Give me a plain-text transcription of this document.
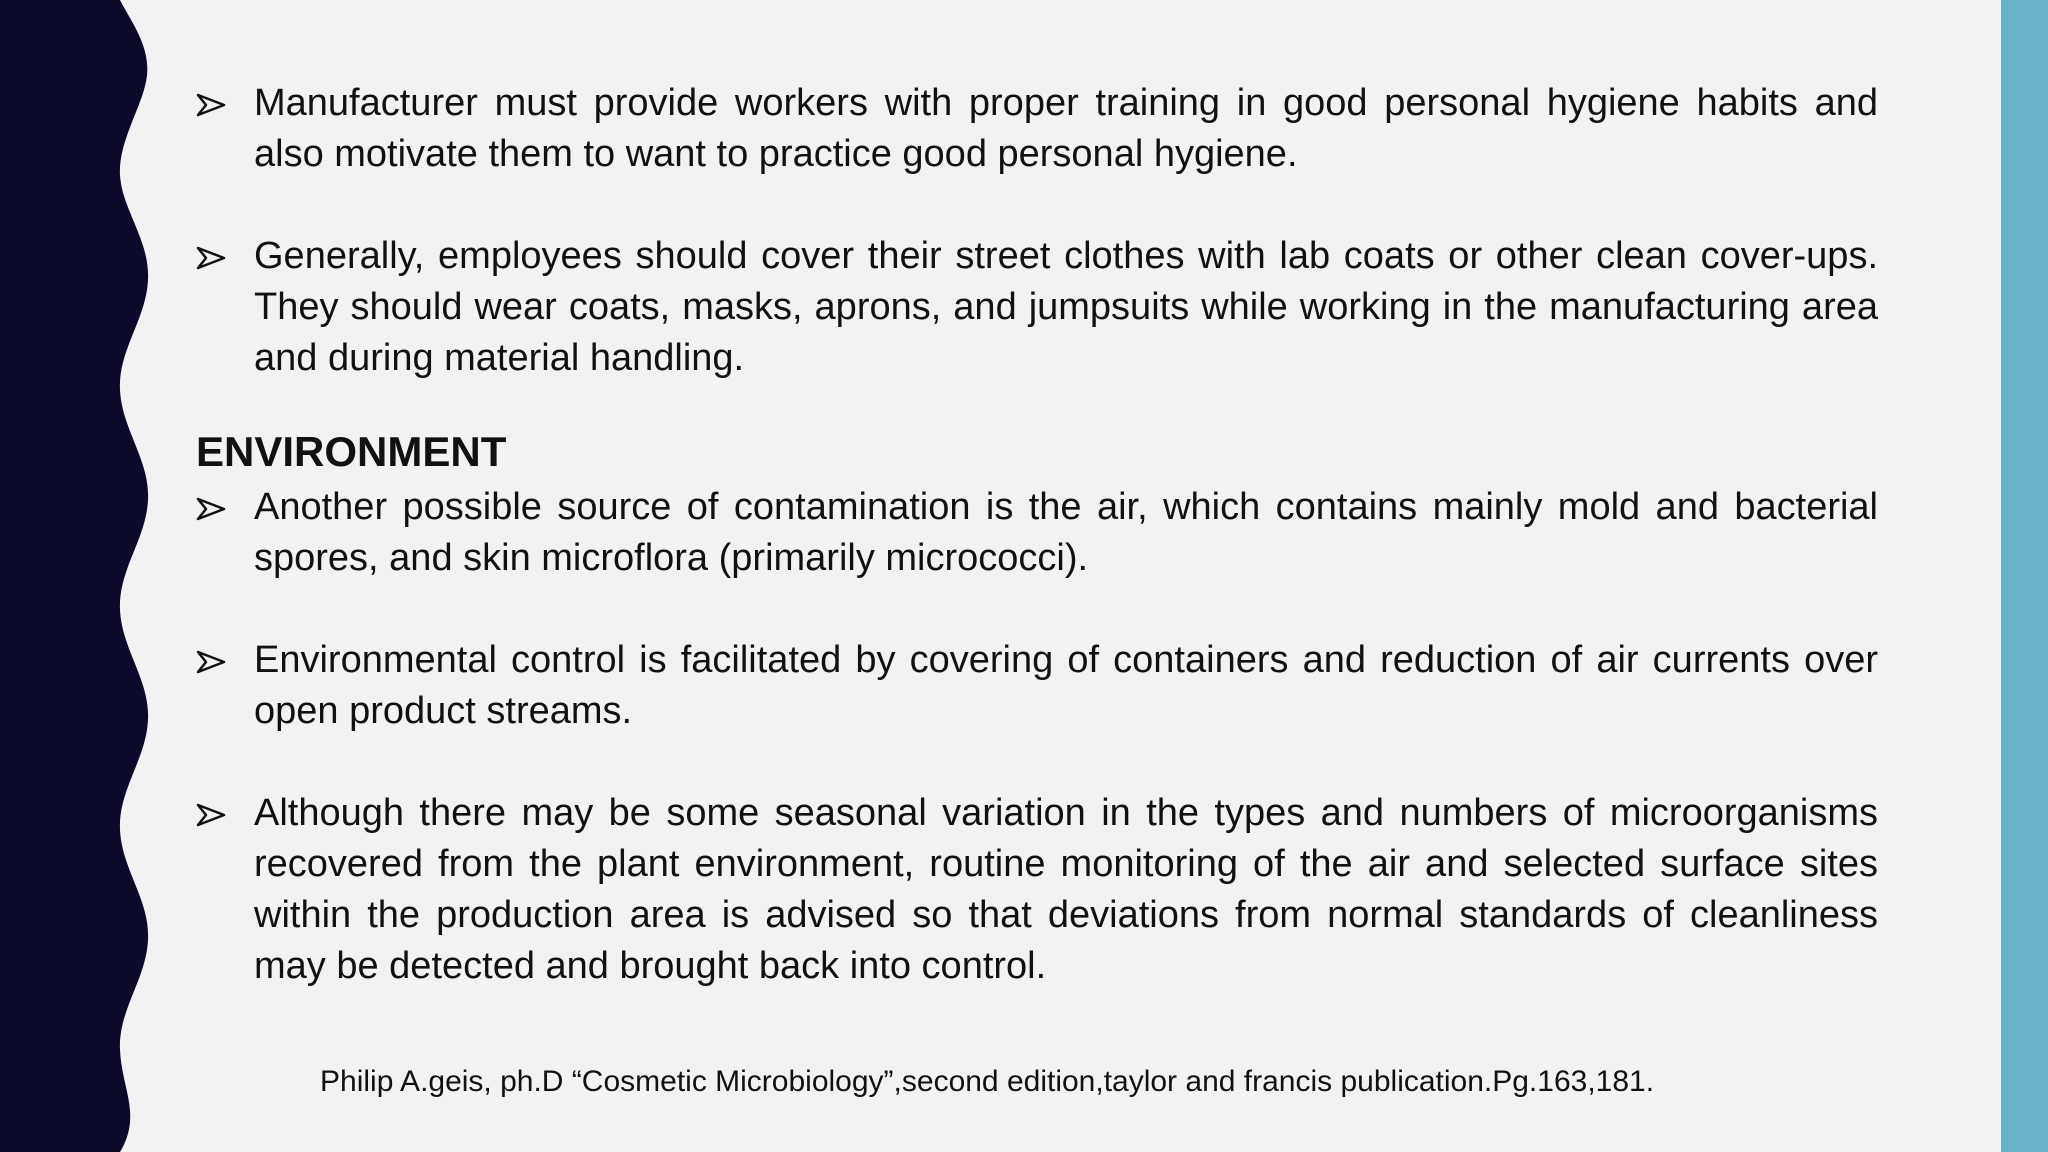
Manufacturer must provide workers with proper training in good personal hygiene habits and also motivate them to want to practice good personal hygiene.
Generally, employees should cover their street clothes with lab coats or other clean cover-ups. They should wear coats, masks, aprons, and jumpsuits while working in the manufacturing area and during material handling.
ENVIRONMENT
Another possible source of contamination is the air, which contains mainly mold and bacterial spores, and skin microflora (primarily micrococci).
Environmental control is facilitated by covering of containers and reduction of air currents over open product streams.
Although there may be some seasonal variation in the types and numbers of microorganisms recovered from the plant environment, routine monitoring of the air and selected surface sites within the production area is advised so that deviations from normal standards of cleanliness may be detected and brought back into control.
Philip A.geis, ph.D “Cosmetic Microbiology”,second edition,taylor and francis publication.Pg.163,181.
